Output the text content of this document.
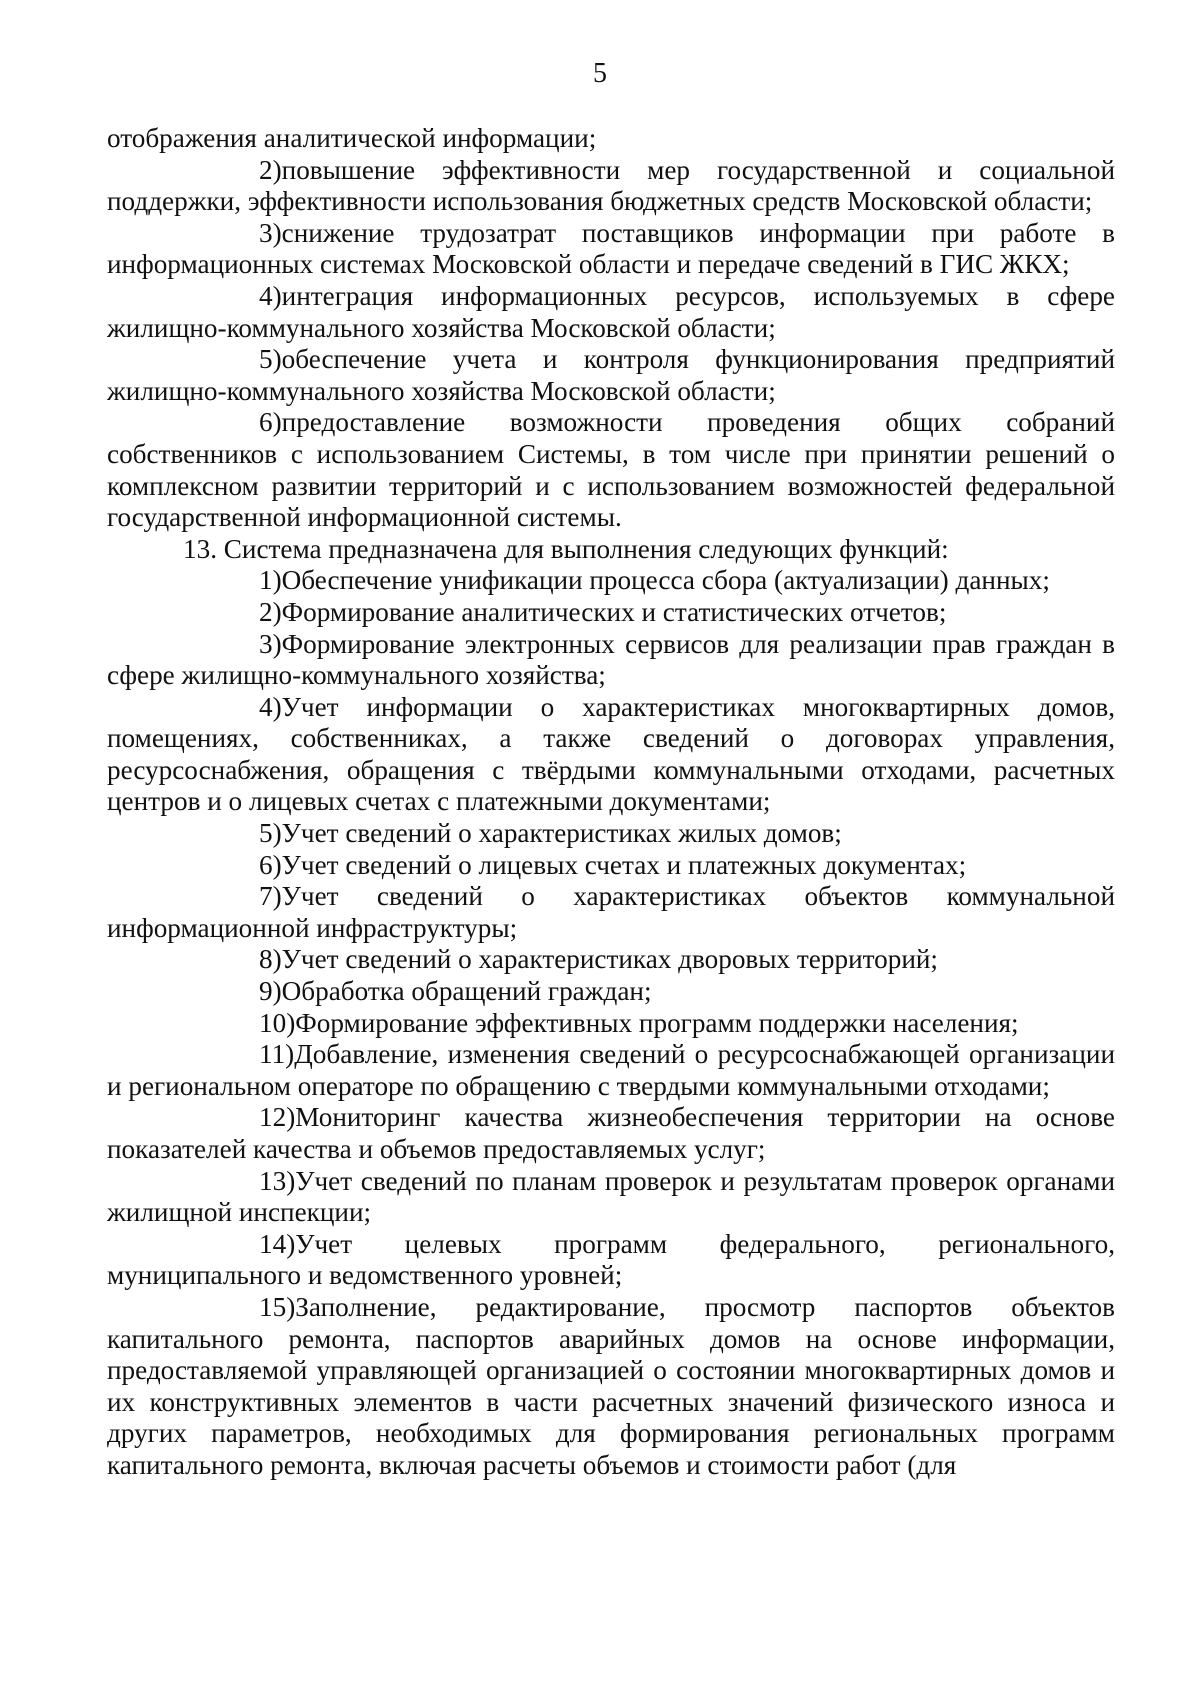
5

отображения аналитической информации;

2)повышение эффективности мер государственной и социальной поддержки, эффективности использования бюджетных средств Московской области;

3)снижение трудозатрат поставщиков информации при работе в информационных системах Московской области и передаче сведений в ГИС ЖКХ;

4)интеграция информационных ресурсов, используемых в сфере жилищно-коммунального хозяйства Московской области;

5)обеспечение учета и контроля функционирования предприятий жилищно-коммунального хозяйства Московской области;

6)предоставление возможности проведения общих собраний собственников с использованием Системы, в том числе при принятии решений о комплексном развитии территорий и с использованием возможностей федеральной государственной информационной системы.

13. Система предназначена для выполнения следующих функций:

1)Обеспечение унификации процесса сбора (актуализации) данных;

2)Формирование аналитических и статистических отчетов;

3)Формирование электронных сервисов для реализации прав граждан в сфере жилищно-коммунального хозяйства;

4)Учет информации о характеристиках многоквартирных домов, помещениях, собственниках, а также сведений о договорах управления, ресурсоснабжения, обращения с твёрдыми коммунальными отходами, расчетных центров и о лицевых счетах с платежными документами;

5)Учет сведений о характеристиках жилых домов;

6)Учет сведений о лицевых счетах и платежных документах;

7)Учет сведений о характеристиках объектов коммунальной информационной инфраструктуры;

8)Учет сведений о характеристиках дворовых территорий;

9)Обработка обращений граждан;

10)Формирование эффективных программ поддержки населения;

11)Добавление, изменения сведений о ресурсоснабжающей организации и региональном операторе по обращению с твердыми коммунальными отходами;

12)Мониторинг качества жизнеобеспечения территории на основе показателей качества и объемов предоставляемых услуг;

13)Учет сведений по планам проверок и результатам проверок органами жилищной инспекции;

14)Учет целевых программ федерального, регионального, муниципального и ведомственного уровней;

15)Заполнение, редактирование, просмотр паспортов объектов капитального ремонта, паспортов аварийных домов на основе информации, предоставляемой управляющей организацией о состоянии многоквартирных домов и их конструктивных элементов в части расчетных значений физического износа и других параметров, необходимых для формирования региональных программ капитального ремонта, включая расчеты объемов и стоимости работ (для
